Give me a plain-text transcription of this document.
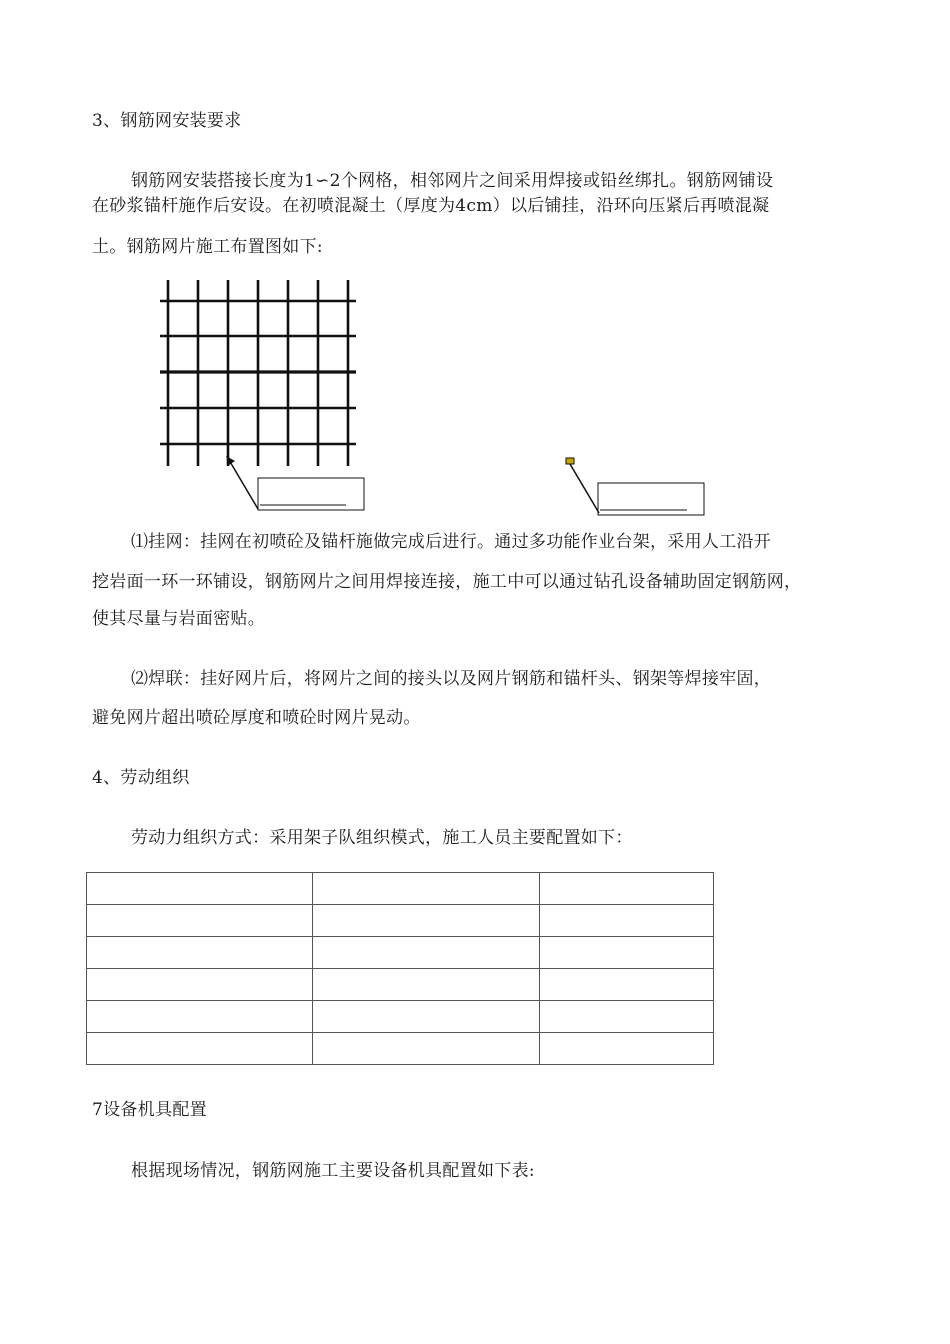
3、钢筋网安装要求
钢筋网安装搭接长度为1∽2个网格，相邻网片之间采用焊接或铅丝绑扎。钢筋网铺设
在砂浆锚杆施作后安设。在初喷混凝土（厚度为4cm）以后铺挂，沿环向压紧后再喷混凝
土。钢筋网片施工布置图如下:
⑴挂网：挂网在初喷砼及锚杆施做完成后进行。通过多功能作业台架，采用人工沿开
挖岩面一环一环铺设，钢筋网片之间用焊接连接，施工中可以通过钻孔设备辅助固定钢筋网，
使其尽量与岩面密贴。
⑵焊联：挂好网片后，将网片之间的接头以及网片钢筋和锚杆头、钢架等焊接牢固，
避免网片超出喷砼厚度和喷砼时网片晃动。
4、劳动组织
劳动力组织方式：采用架子队组织模式，施工人员主要配置如下：

7设备机具配置
根据现场情况，钢筋网施工主要设备机具配置如下表:
